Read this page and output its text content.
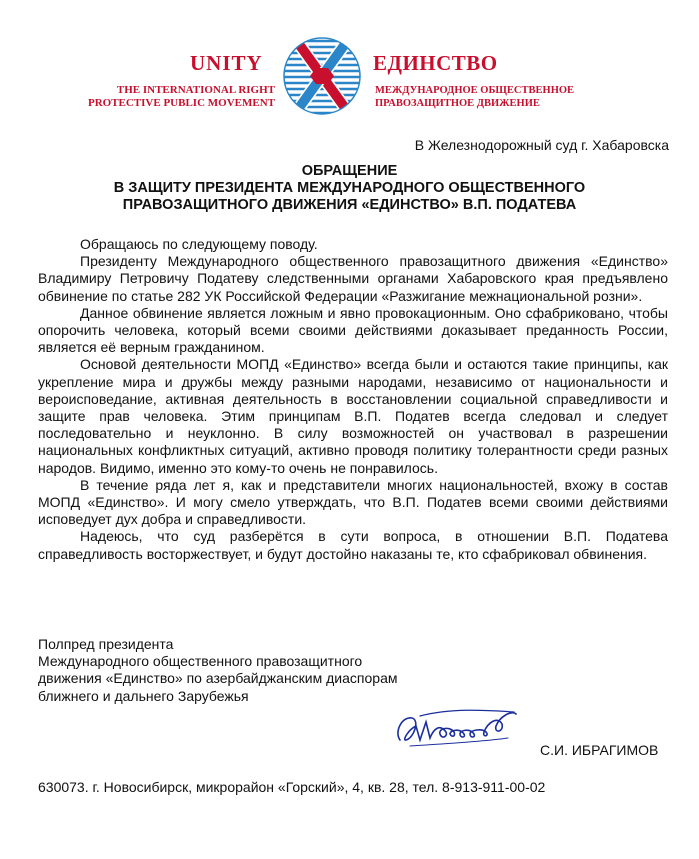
UNITY
THE INTERNATIONAL RIGHT
PROTECTIVE PUBLIC MOVEMENT
ЕДИНСТВО
МЕЖДУНАРОДНОЕ ОБЩЕСТВЕННОЕ
ПРАВОЗАЩИТНОЕ ДВИЖЕНИЕ
В Железнодорожный суд г. Хабаровска
ОБРАЩЕНИЕ
В ЗАЩИТУ ПРЕЗИДЕНТА МЕЖДУНАРОДНОГО ОБЩЕСТВЕННОГО
ПРАВОЗАЩИТНОГО ДВИЖЕНИЯ «ЕДИНСТВО» В.П. ПОДАТЕВА

Обращаюсь по следующему поводу.

Президенту Международного общественного правозащитного движения «Единство» Владимиру Петровичу Податеву следственными органами Хабаровского края предъявлено обвинение по статье 282 УК Российской Федерации «Разжигание межнациональной розни».

Данное обвинение является ложным и явно провокационным. Оно сфабриковано, чтобы опорочить человека, который всеми своими действиями доказывает преданность России, является её верным гражданином.

Основой деятельности МОПД «Единство» всегда были и остаются такие принципы, как укрепление мира и дружбы между разными народами, независимо от национальности и вероисповедание, активная деятельность в восстановлении социальной справедливости и защите прав человека. Этим принципам В.П. Податев всегда следовал и следует последовательно и неуклонно. В силу возможностей он участвовал в разрешении национальных конфликтных ситуаций, активно проводя политику толерантности среди разных народов. Видимо, именно это кому-то очень не понравилось.

В течение ряда лет я, как и представители многих национальностей, вхожу в состав МОПД «Единство». И могу смело утверждать, что В.П. Податев всеми своими действиями исповедует дух добра и справедливости.

Надеюсь, что суд разберётся в сути вопроса, в отношении В.П. Податева справедливость восторжествует, и будут достойно наказаны те, кто сфабриковал обвинения.

Полпред президента
Международного общественного правозащитного
движения «Единство» по азербайджанским диаспорам
ближнего и дальнего Зарубежья
С.И. ИБРАГИМОВ
630073. г. Новосибирск, микрорайон «Горский», 4, кв. 28, тел. 8-913-911-00-02
